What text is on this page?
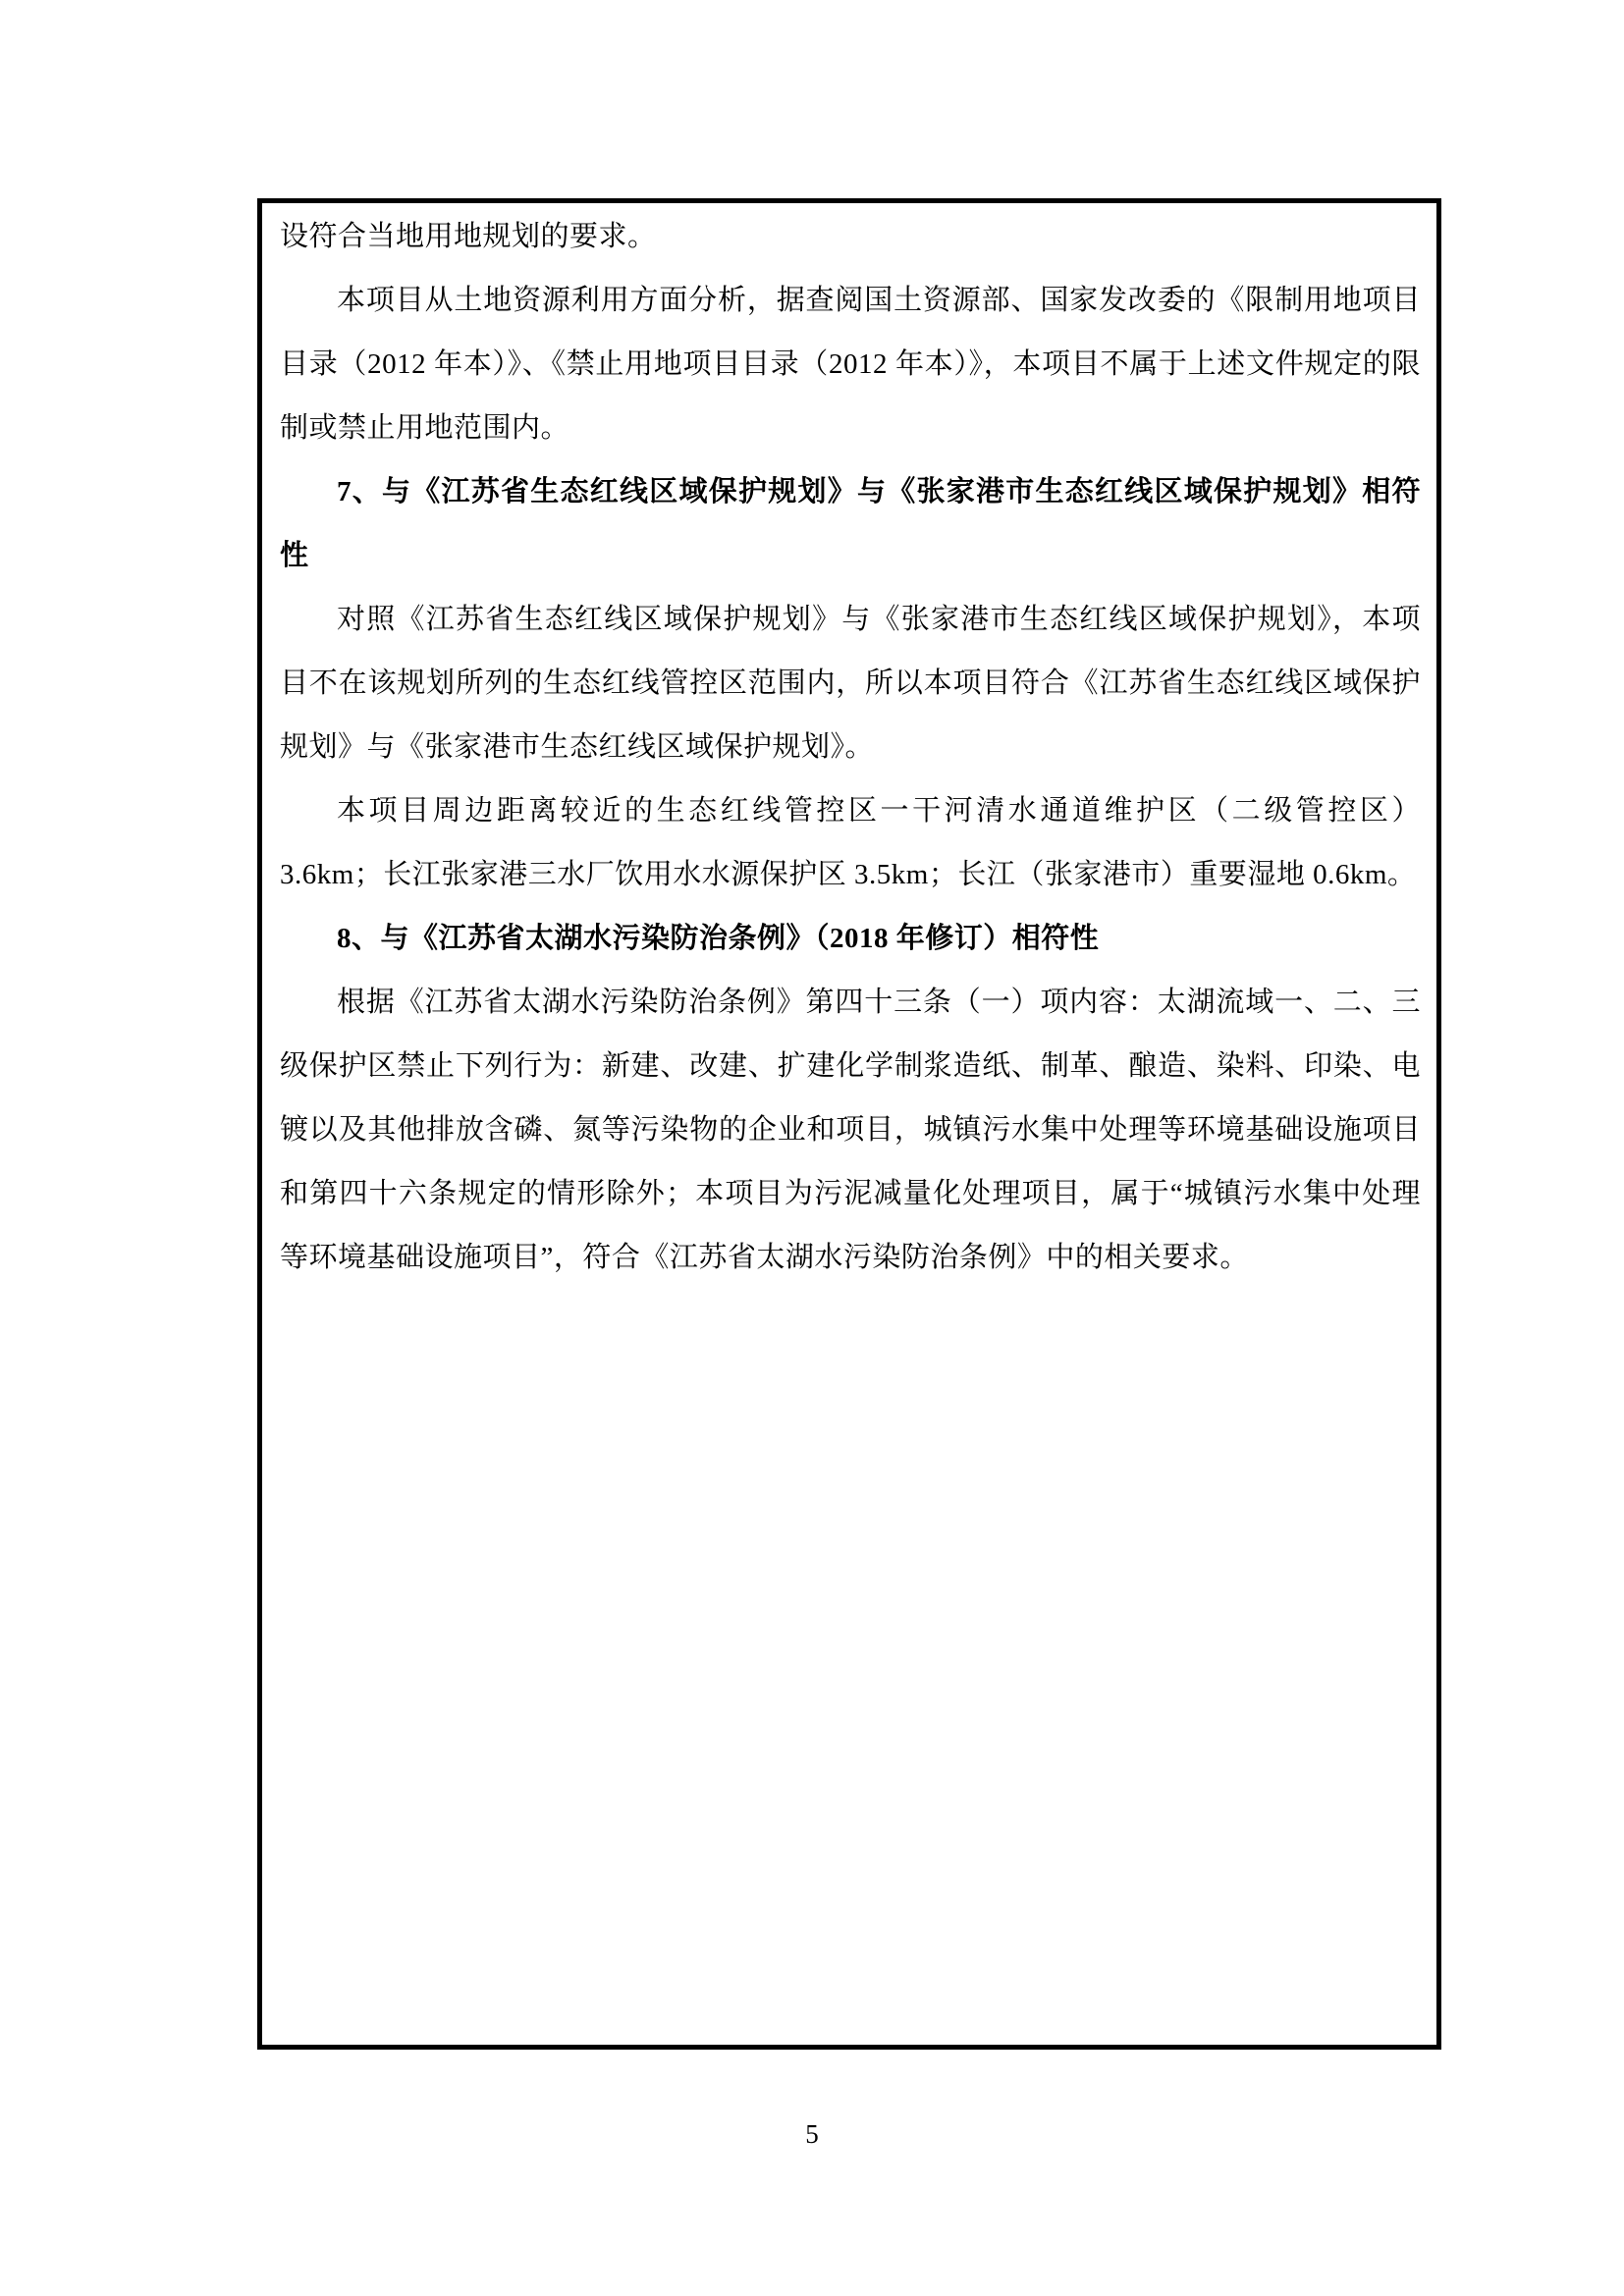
设符合当地用地规划的要求。

本项目从土地资源利用方面分析，据查阅国土资源部、国家发改委的《限制用地项目目录（2012 年本）》、《禁止用地项目目录（2012 年本）》，本项目不属于上述文件规定的限制或禁止用地范围内。

7、与《江苏省生态红线区域保护规划》与《张家港市生态红线区域保护规划》相符性

对照《江苏省生态红线区域保护规划》与《张家港市生态红线区域保护规划》，本项目不在该规划所列的生态红线管控区范围内，所以本项目符合《江苏省生态红线区域保护规划》与《张家港市生态红线区域保护规划》。

本项目周边距离较近的生态红线管控区一干河清水通道维护区（二级管控区）3.6km；长江张家港三水厂饮用水水源保护区 3.5km；长江（张家港市）重要湿地 0.6km。

8、与《江苏省太湖水污染防治条例》（2018 年修订）相符性

根据《江苏省太湖水污染防治条例》第四十三条（一）项内容：太湖流域一、二、三级保护区禁止下列行为：新建、改建、扩建化学制浆造纸、制革、酿造、染料、印染、电镀以及其他排放含磷、氮等污染物的企业和项目，城镇污水集中处理等环境基础设施项目和第四十六条规定的情形除外；本项目为污泥减量化处理项目，属于“城镇污水集中处理等环境基础设施项目”，符合《江苏省太湖水污染防治条例》中的相关要求。

5
